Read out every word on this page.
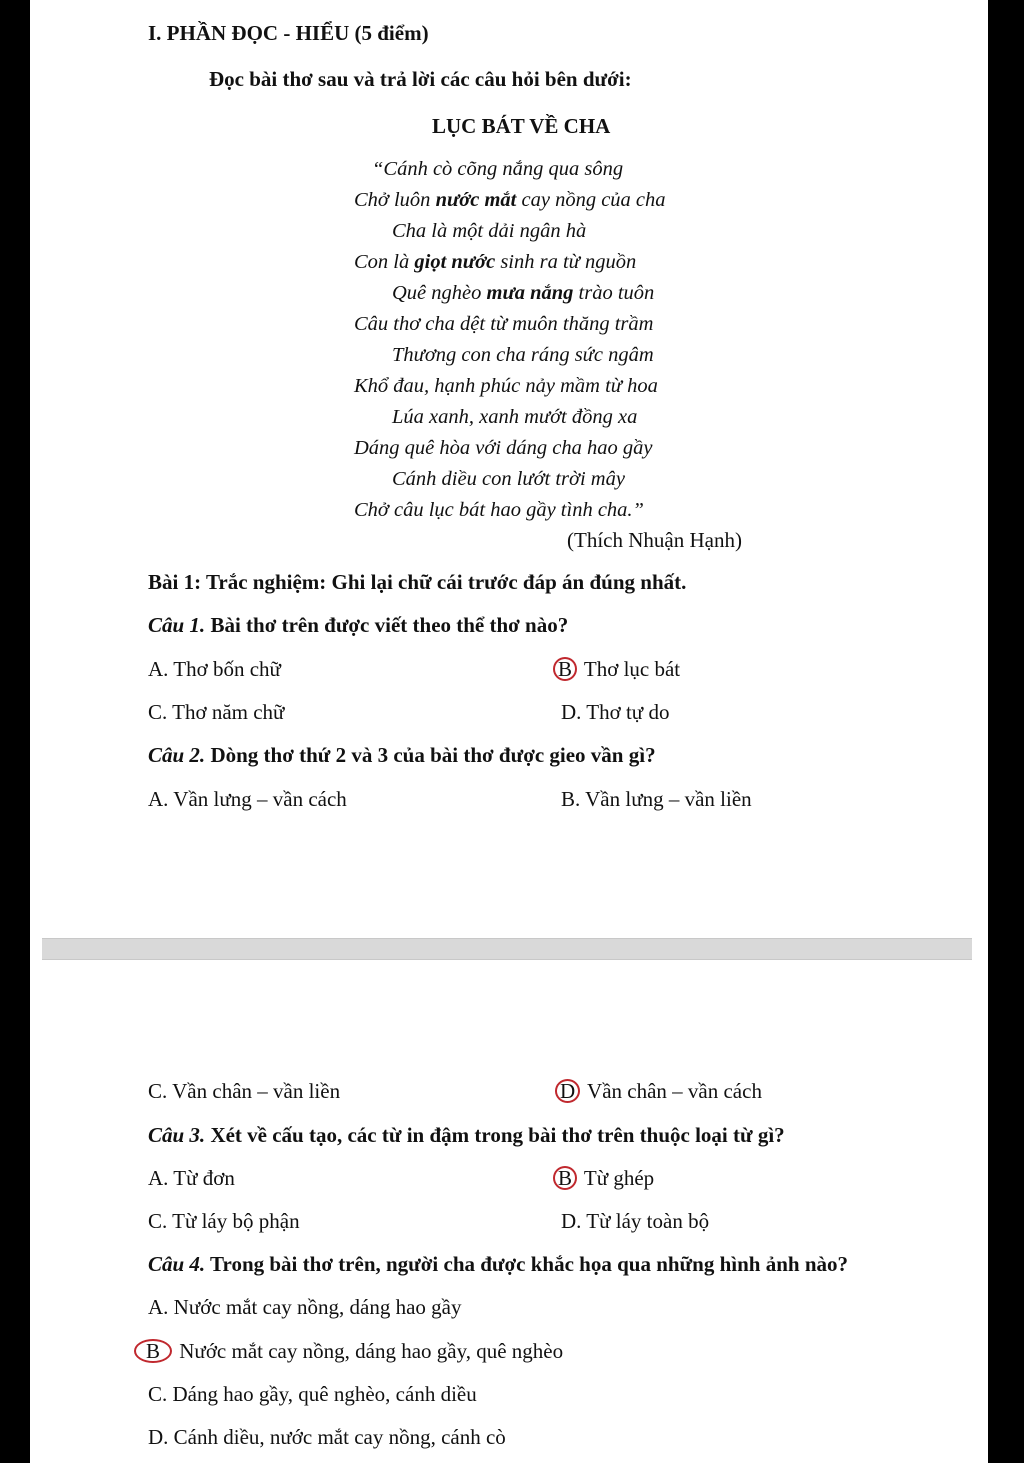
I. PHẦN ĐỌC - HIỂU (5 điểm)
Đọc bài thơ sau và trả lời các câu hỏi bên dưới:
LỤC BÁT VỀ CHA
“Cánh cò cõng nắng qua sông
Chở luôn nước mắt cay nồng của cha
Cha là một dải ngân hà
Con là giọt nước sinh ra từ nguồn
Quê nghèo mưa nắng trào tuôn
Câu thơ cha dệt từ muôn thăng trầm
Thương con cha ráng sức ngâm
Khổ đau, hạnh phúc nảy mầm từ hoa
Lúa xanh, xanh mướt đồng xa
Dáng quê hòa với dáng cha hao gầy
Cánh diều con lướt trời mây
Chở câu lục bát hao gầy tình cha.”
(Thích Nhuận Hạnh)
Bài 1: Trắc nghiệm: Ghi lại chữ cái trước đáp án đúng nhất.
Câu 1. Bài thơ trên được viết theo thể thơ nào?
A. Thơ bốn chữ	B Thơ lục bát
C. Thơ năm chữ	D. Thơ tự do
Câu 2. Dòng thơ thứ 2 và 3 của bài thơ được gieo vần gì?
A. Vần lưng – vần cách	B. Vần lưng – vần liền
C. Vần chân – vần liền	D Vần chân – vần cách
Câu 3. Xét về cấu tạo, các từ in đậm trong bài thơ trên thuộc loại từ gì?
A. Từ đơn	B Từ ghép
C. Từ láy bộ phận	D. Từ láy toàn bộ
Câu 4. Trong bài thơ trên, người cha được khắc họa qua những hình ảnh nào?
A. Nước mắt cay nồng, dáng hao gầy
B Nước mắt cay nồng, dáng hao gầy, quê nghèo
C. Dáng hao gầy, quê nghèo, cánh diều
D. Cánh diều, nước mắt cay nồng, cánh cò
